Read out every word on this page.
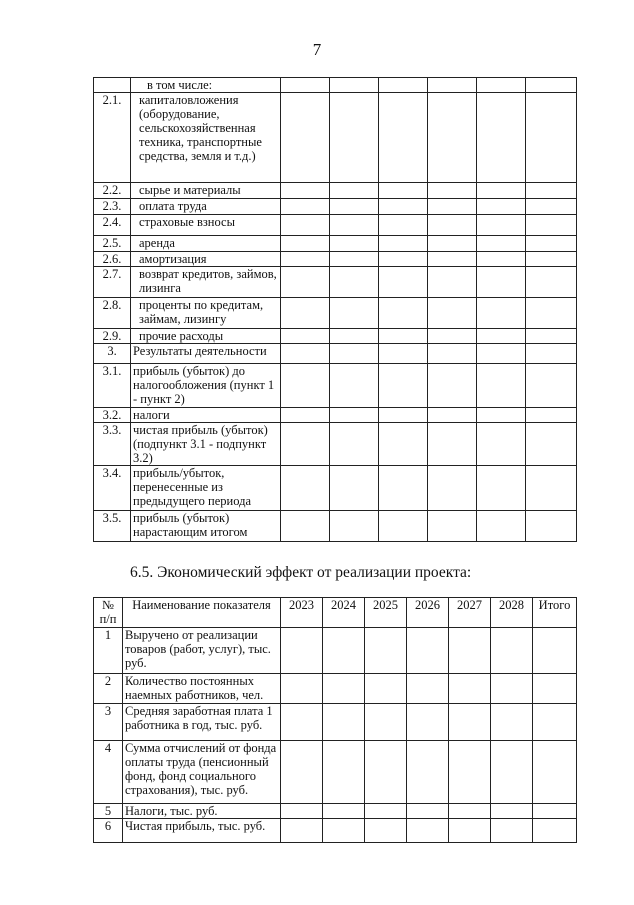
7
	в том числе:						
2.1.	капиталовложения (оборудование, сельскохозяйственная техника, транспортные средства, земля и т.д.)						
2.2.	сырье и материалы						
2.3.	оплата труда						
2.4.	страховые взносы						
2.5.	аренда						
2.6.	амортизация						
2.7.	возврат кредитов, займов, лизинга						
2.8.	проценты по кредитам, займам, лизингу						
2.9.	прочие расходы						
3.	Результаты деятельности						
3.1.	прибыль (убыток) до налогообложения (пункт 1 - пункт 2)						
3.2.	налоги						
3.3.	чистая прибыль (убыток) (подпункт 3.1 - подпункт 3.2)						
3.4.	прибыль/убыток, перенесенные из предыдущего периода						
3.5.	прибыль (убыток) нарастающим итогом						
6.5. Экономический эффект от реализации проекта:
№ п/п	Наименование показателя	2023	2024	2025	2026	2027	2028	Итого
1	Выручено от реализации товаров (работ, услуг), тыс. руб.							
2	Количество постоянных наемных работников, чел.							
3	Средняя заработная плата 1 работника в год, тыс. руб.							
4	Сумма отчислений от фонда оплаты труда (пенсионный фонд, фонд социального страхования), тыс. руб.							
5	Налоги, тыс. руб.							
6	Чистая прибыль, тыс. руб.							
